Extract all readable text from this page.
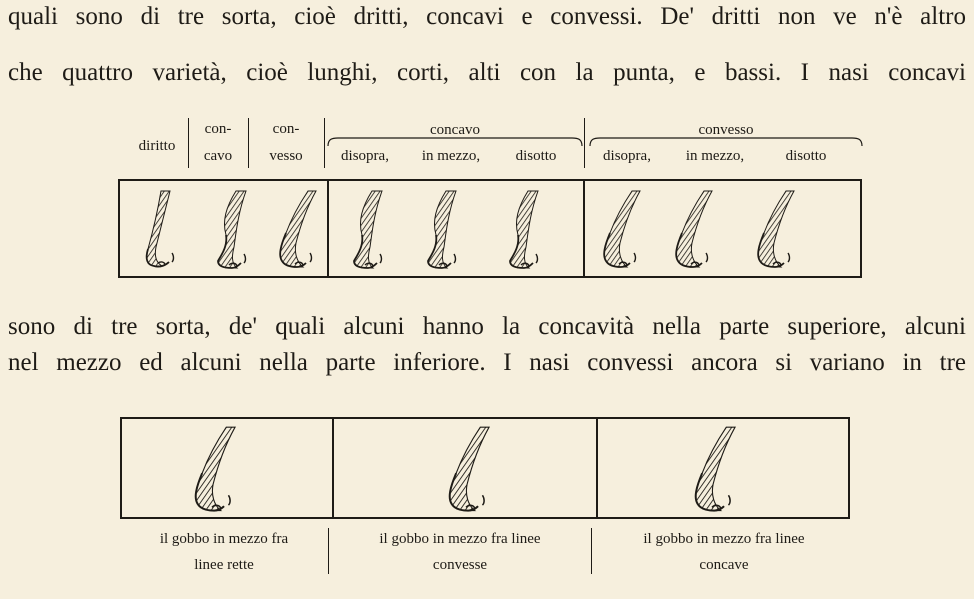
quali sono di tre sorta, cioè dritti, concavi e convessi. De' dritti non ve n'è altro

che quattro varietà, cioè lunghi, corti, alti con la punta, e bassi. I nasi concavi

sono di tre sorta, de' quali alcuni hanno la concavità nella parte superiore, alcuni

nel mezzo ed alcuni nella parte inferiore. I nasi convessi ancora si variano in tre

diritto
con-
cavo
con-
vesso
concavo
disopra,	in mezzo,	disotto
convesso
disopra,	in mezzo,	disotto
il gobbo in mezzo fra
linee rette
il gobbo in mezzo fra linee
convesse
il gobbo in mezzo fra linee
concave
